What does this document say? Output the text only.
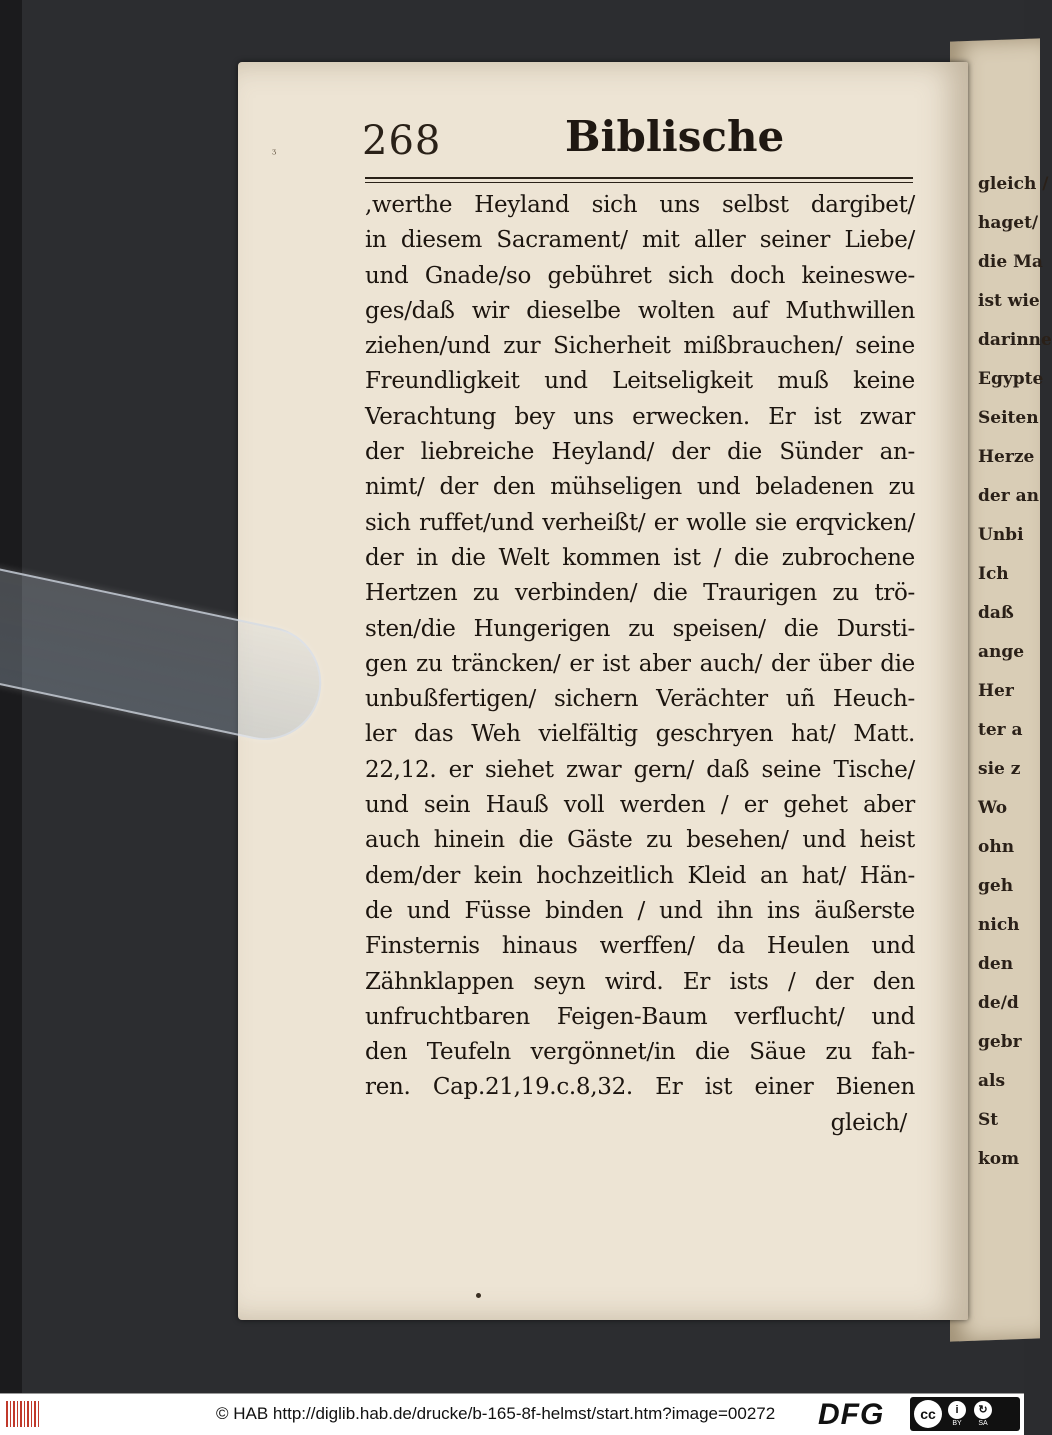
ᶾ 268	Biblische
,werthe Heyland sich uns selbst dargibet/
in diesem Sacrament/ mit aller seiner Liebe/
und Gnade/so gebühret sich doch keineswe-
ges/daß wir dieselbe wolten auf Muthwillen
ziehen/und zur Sicherheit mißbrauchen/ seine
Freundligkeit und Leitseligkeit muß keine
Verachtung bey uns erwecken. Er ist zwar
der liebreiche Heyland/ der die Sünder an-
nimt/ der den mühseligen und beladenen zu
sich ruffet/und verheißt/ er wolle sie erqvicken/
der in die Welt kommen ist / die zubrochene
Hertzen zu verbinden/ die Traurigen zu trö-
sten/die Hungerigen zu speisen/ die Dursti-
gen zu träncken/ er ist aber auch/ der über die
unbußfertigen/ sichern Verächter uñ Heuch-
ler das Weh vielfältig geschryen hat/ Matt.
22,12. er siehet zwar gern/ daß seine Tische/
und sein Hauß voll werden / er gehet aber
auch hinein die Gäste zu besehen/ und heist
dem/der kein hochzeitlich Kleid an hat/ Hän-
de und Füsse binden / und ihn ins äußerste
Finsternis hinaus werffen/ da Heulen und
Zähnklappen seyn wird. Er ists / der den
unfruchtbaren Feigen-Baum verflucht/ und
den Teufeln vergönnet/in die Säue zu fah-
ren. Cap.21,19.c.8,32. Er ist einer Bienen
gleich/
gleich /
haget/
die Ma
ist wie
darinne
Egypte
Seiten
Herze
der an
Unbi
Ich
daß
ange
Her
ter a
sie z
Wo
ohn
geh
nich
den
de/d
gebr
als
St
kom
© HAB http://diglib.hab.de/drucke/b-165-8f-helmst/start.htm?image=00272 DFG	cc	i
BY
↻
SA
